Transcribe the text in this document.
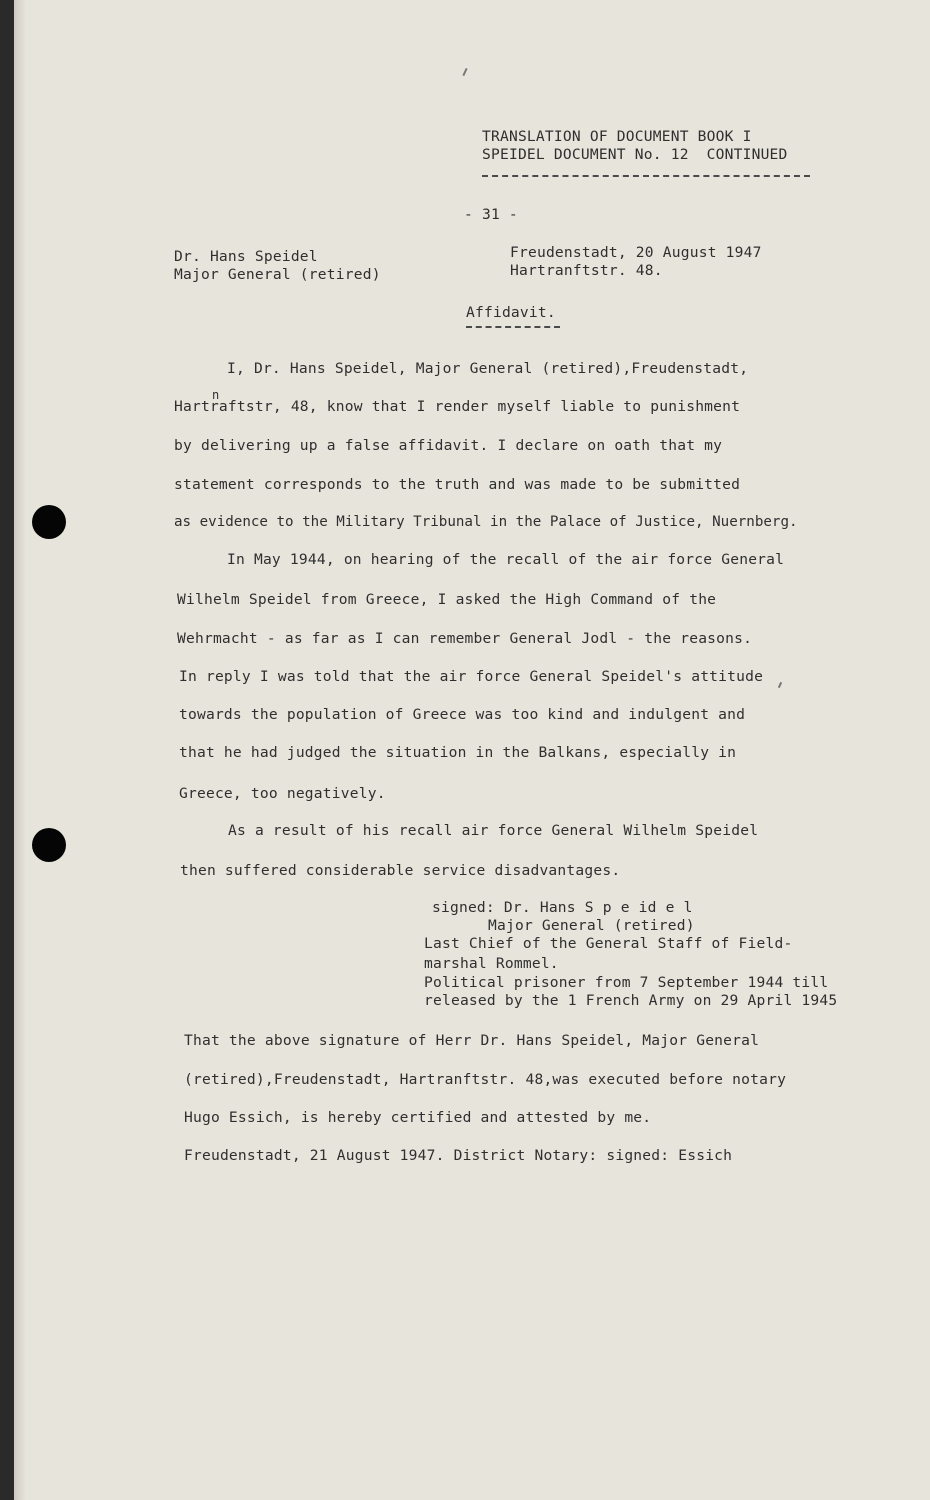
TRANSLATION OF DOCUMENT BOOK I
SPEIDEL DOCUMENT No. 12  CONTINUED
- 31 -
Dr. Hans Speidel
Major General (retired)
Freudenstadt, 20 August 1947
Hartranftstr. 48.
Affidavit.
I, Dr. Hans Speidel, Major General (retired),Freudenstadt,
n
Hartraftstr, 48, know that I render myself liable to punishment
by delivering up a false affidavit. I declare on oath that my
statement corresponds to the truth and was made to be submitted
as evidence to the Military Tribunal in the Palace of Justice, Nuernberg.
In May 1944, on hearing of the recall of the air force General
Wilhelm Speidel from Greece, I asked the High Command of the
Wehrmacht - as far as I can remember General Jodl - the reasons.
In reply I was told that the air force General Speidel's attitude
towards the population of Greece was too kind and indulgent and
that he had judged the situation in the Balkans, especially in
Greece, too negatively.
As a result of his recall air force General Wilhelm Speidel
then suffered considerable service disadvantages.
signed: Dr. Hans S p e id e l
Major General (retired)
Last Chief of the General Staff of Field-
marshal Rommel.
Political prisoner from 7 September 1944 till
released by the 1 French Army on 29 April 1945
That the above signature of Herr Dr. Hans Speidel, Major General
(retired),Freudenstadt, Hartranftstr. 48,was executed before notary
Hugo Essich, is hereby certified and attested by me.
Freudenstadt, 21 August 1947. District Notary: signed: Essich
